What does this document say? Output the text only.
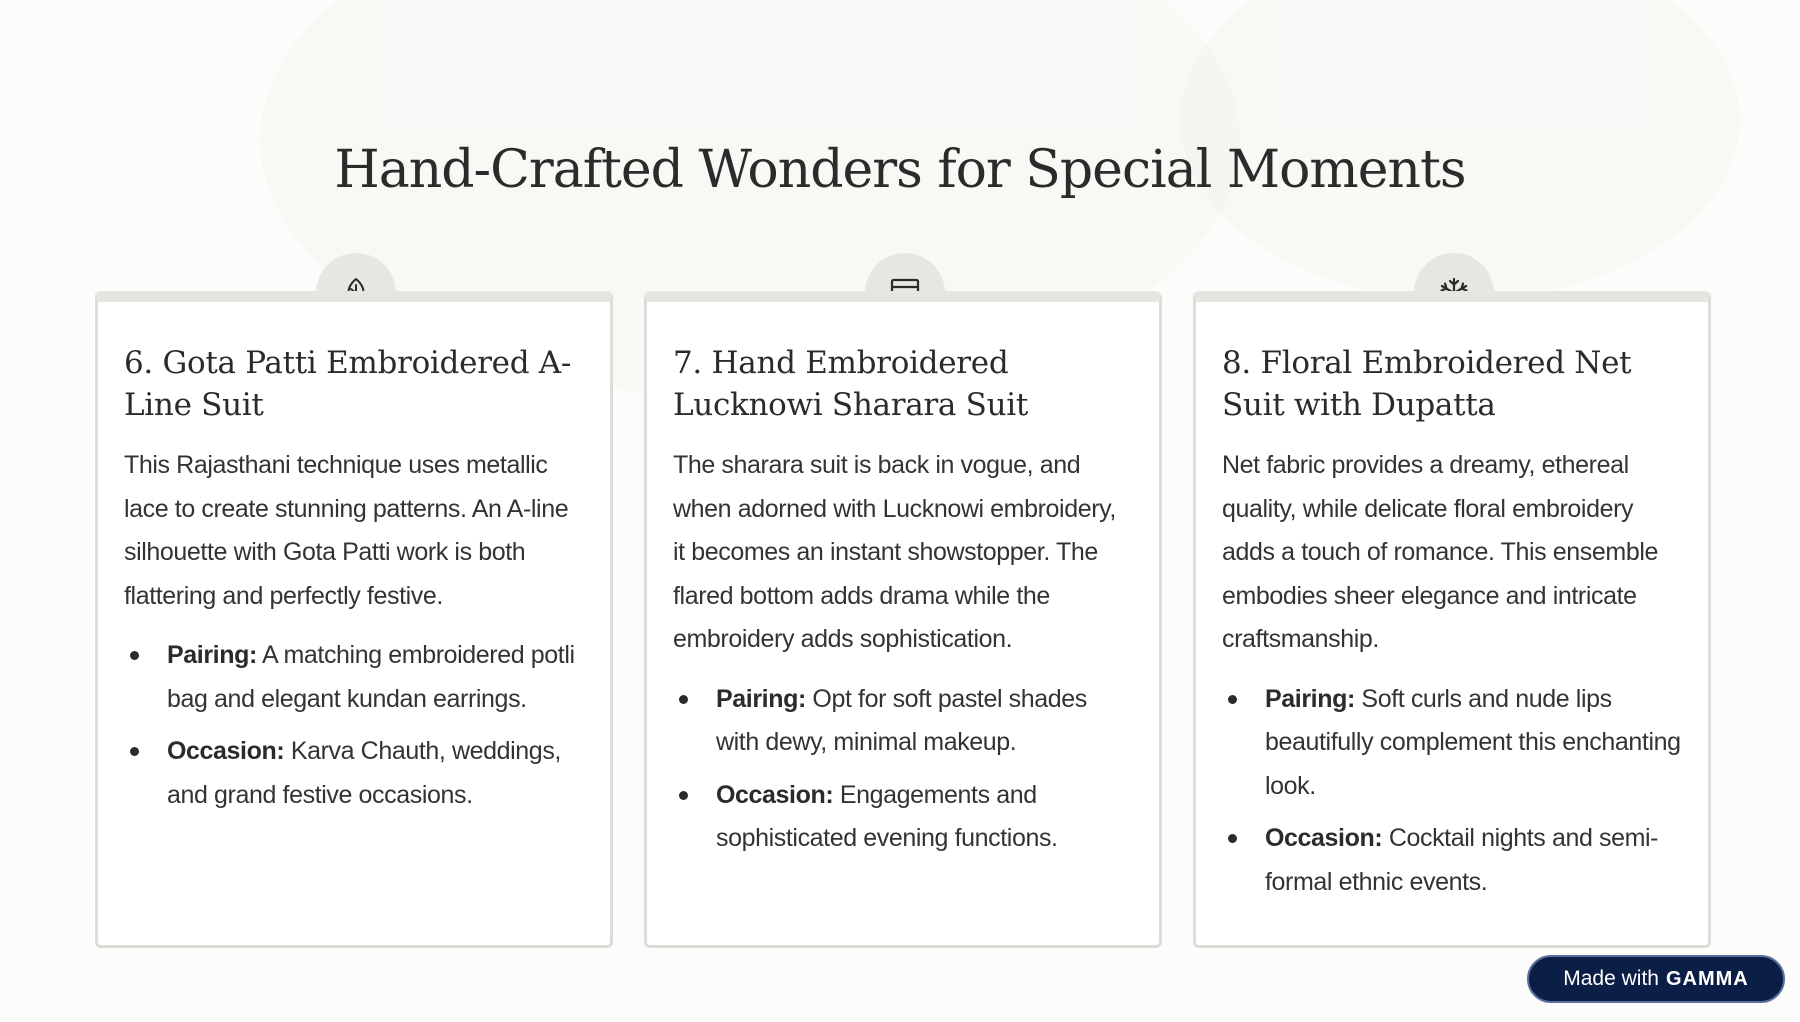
Hand-Crafted Wonders for Special Moments
6. Gota Patti Embroidered A-Line Suit

This Rajasthani technique uses metallic lace to create stunning patterns. An A-line silhouette with Gota Patti work is both flattering and perfectly festive.

Pairing: A matching embroidered potli bag and elegant kundan earrings.
Occasion: Karva Chauth, weddings, and grand festive occasions.
7. Hand Embroidered Lucknowi Sharara Suit

The sharara suit is back in vogue, and when adorned with Lucknowi embroidery, it becomes an instant showstopper. The flared bottom adds drama while the embroidery adds sophistication.

Pairing: Opt for soft pastel shades with dewy, minimal makeup.
Occasion: Engagements and sophisticated evening functions.
8. Floral Embroidered Net Suit with Dupatta

Net fabric provides a dreamy, ethereal quality, while delicate floral embroidery adds a touch of romance. This ensemble embodies sheer elegance and intricate craftsmanship.

Pairing: Soft curls and nude lips beautifully complement this enchanting look.
Occasion: Cocktail nights and semi-formal ethnic events.
Made with GAMMA
